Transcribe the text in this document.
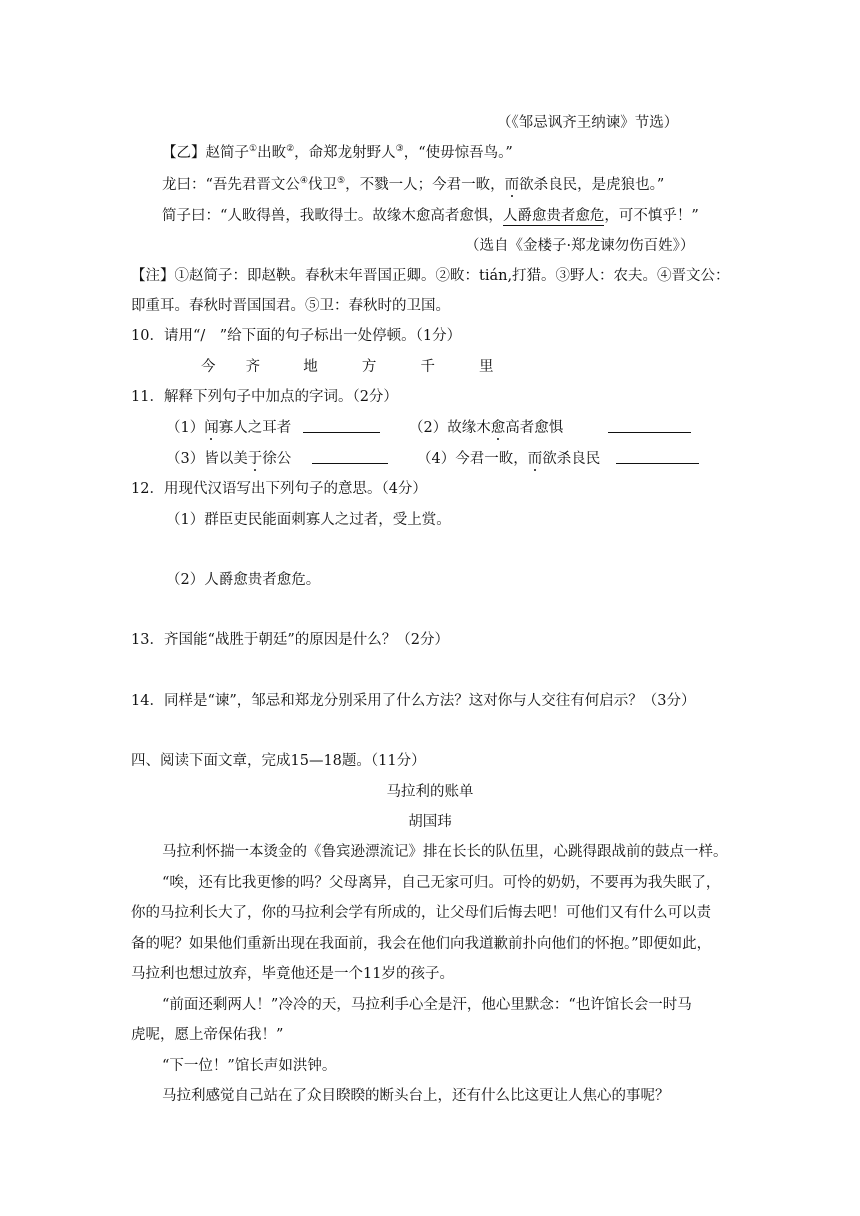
（《邹忌讽齐王纳谏》节选）
【乙】赵简子①出畋②，命郑龙射野人③，“使毋惊吾鸟。”
龙曰：“吾先君晋文公④伐卫⑤，不戮一人；今君一畋，而欲杀良民，是虎狼也。”
简子曰：“人畋得兽，我畋得士。故缘木愈高者愈惧，人爵愈贵者愈危，可不慎乎！”
（选自《金楼子·郑龙谏勿伤百姓》）
【注】①赵简子：即赵鞅。春秋末年晋国正卿。②畋：tián,打猎。③野人：农夫。④晋文公：
即重耳。春秋时晋国国君。⑤卫：春秋时的卫国。
10．请用“/　”给下面的句子标出一处停顿。（1分）
今 齐	地	方	千	里
11．解释下列句子中加点的字词。（2分）
（1）闻寡人之耳者	（2）故缘木愈高者愈惧
（3）皆以美于徐公	（4）今君一畋，而欲杀良民
12．用现代汉语写出下列句子的意思。（4分）
（1）群臣吏民能面刺寡人之过者，受上赏。
（2）人爵愈贵者愈危。
13．齐国能“战胜于朝廷”的原因是什么？（2分）
14．同样是“谏”，邹忌和郑龙分别采用了什么方法？这对你与人交往有何启示？（3分）
四、阅读下面文章，完成15—18题。（11分）
马拉利的账单
胡国玮
马拉利怀揣一本烫金的《鲁宾逊漂流记》排在长长的队伍里，心跳得跟战前的鼓点一样。
“唉，还有比我更惨的吗？父母离异，自己无家可归。可怜的奶奶，不要再为我失眠了，
你的马拉利长大了，你的马拉利会学有所成的，让父母们后悔去吧！可他们又有什么可以责
备的呢？如果他们重新出现在我面前，我会在他们向我道歉前扑向他们的怀抱。”即便如此，
马拉利也想过放弃，毕竟他还是一个11岁的孩子。
“前面还剩两人！”冷冷的天，马拉利手心全是汗，他心里默念：“也许馆长会一时马
虎呢，愿上帝保佑我！”
“下一位！”馆长声如洪钟。
马拉利感觉自己站在了众目睽睽的断头台上，还有什么比这更让人焦心的事呢？
